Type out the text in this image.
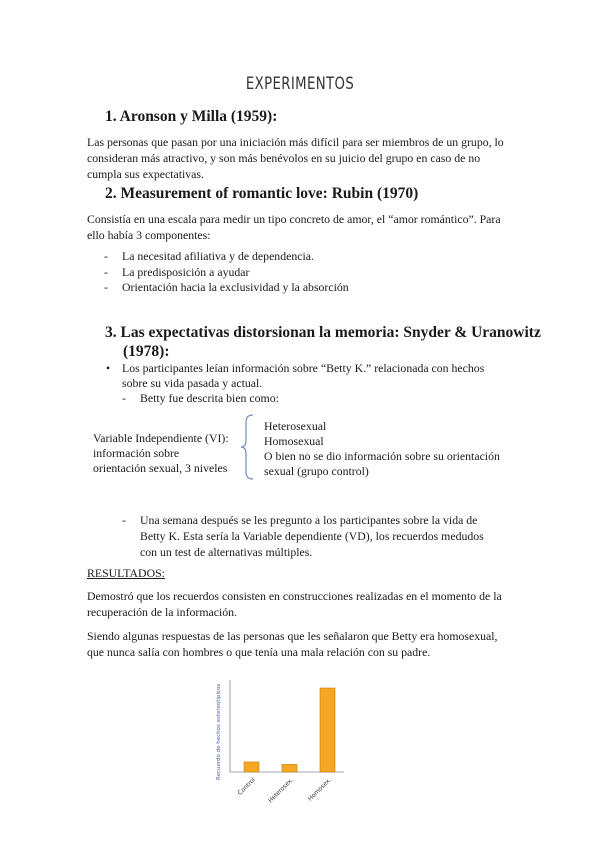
EXPERIMENTOS
1. Aronson y Milla (1959):
Las personas que pasan por una iniciación más difícil para ser miembros de un grupo, lo
consideran más atractivo, y son más benévolos en su juicio del grupo en caso de no
cumpla sus expectativas.
2. Measurement of romantic love: Rubin (1970)
Consistía en una escala para medir un tipo concreto de amor, el “amor romántico”. Para
ello había 3 componentes:
- La necesitad afiliativa y de dependencia.
- La predisposición a ayudar
- Orientación hacia la exclusividad y la absorción
3. Las expectativas distorsionan la memoria: Snyder & Uranowitz
(1978):
•	Los participantes leían información sobre “Betty K.” relacionada con hechos
sobre su vida pasada y actual.
- Betty fue descrita bien como:
Variable Independiente (VI):
información sobre
orientación sexual, 3 niveles
Heterosexual
Homosexual
O bien no se dio información sobre su orientación
sexual (grupo control)
-	Una semana después se les pregunto a los participantes sobre la vida de
Betty K. Esta sería la Variable dependiente (VD), los recuerdos medudos
con un test de alternativas múltiples.
RESULTADOS:
Demostró que los recuerdos consisten en construcciones realizadas en el momento de la
recuperación de la información.
Siendo algunas respuestas de las personas que les señalaron que Betty era homosexual,
que nunca salía con hombres o que tenía una mala relación con su padre.
Recuerdo de hechos estereotípicos
Control Heterosex. Homosex.
